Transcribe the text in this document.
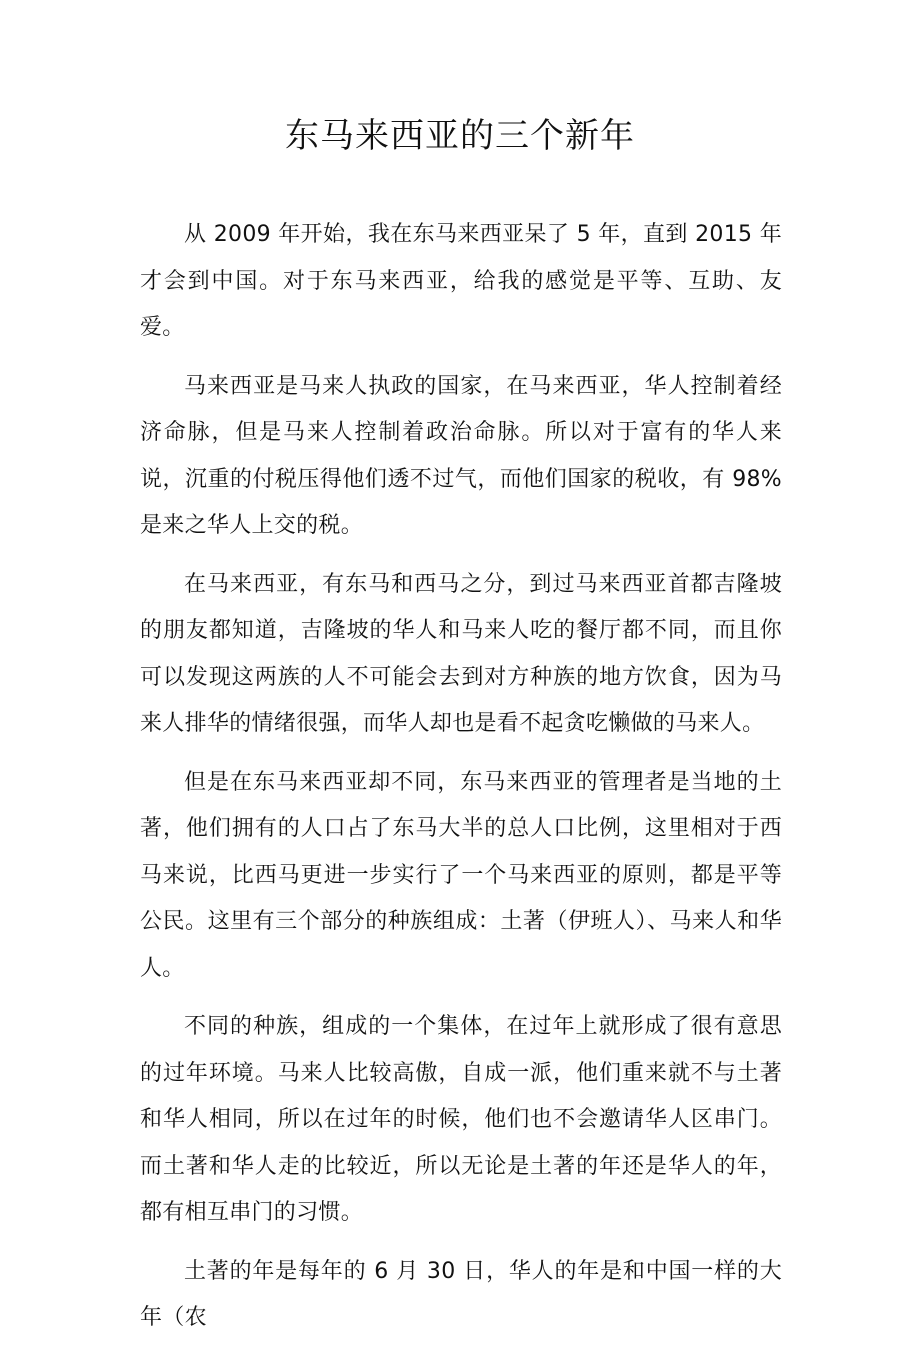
东马来西亚的三个新年

从 2009 年开始，我在东马来西亚呆了 5 年，直到 2015 年才会到中国。对于东马来西亚，给我的感觉是平等、互助、友爱。

马来西亚是马来人执政的国家，在马来西亚，华人控制着经济命脉，但是马来人控制着政治命脉。所以对于富有的华人来说，沉重的付税压得他们透不过气，而他们国家的税收，有 98%是来之华人上交的税。

在马来西亚，有东马和西马之分，到过马来西亚首都吉隆坡的朋友都知道，吉隆坡的华人和马来人吃的餐厅都不同，而且你可以发现这两族的人不可能会去到对方种族的地方饮食，因为马来人排华的情绪很强，而华人却也是看不起贪吃懒做的马来人。

但是在东马来西亚却不同，东马来西亚的管理者是当地的土著，他们拥有的人口占了东马大半的总人口比例，这里相对于西马来说，比西马更进一步实行了一个马来西亚的原则，都是平等公民。这里有三个部分的种族组成：土著（伊班人）、马来人和华人。

不同的种族，组成的一个集体，在过年上就形成了很有意思的过年环境。马来人比较高傲，自成一派，他们重来就不与土著和华人相同，所以在过年的时候，他们也不会邀请华人区串门。而土著和华人走的比较近，所以无论是土著的年还是华人的年，都有相互串门的习惯。

土著的年是每年的 6 月 30 日，华人的年是和中国一样的大年（农
